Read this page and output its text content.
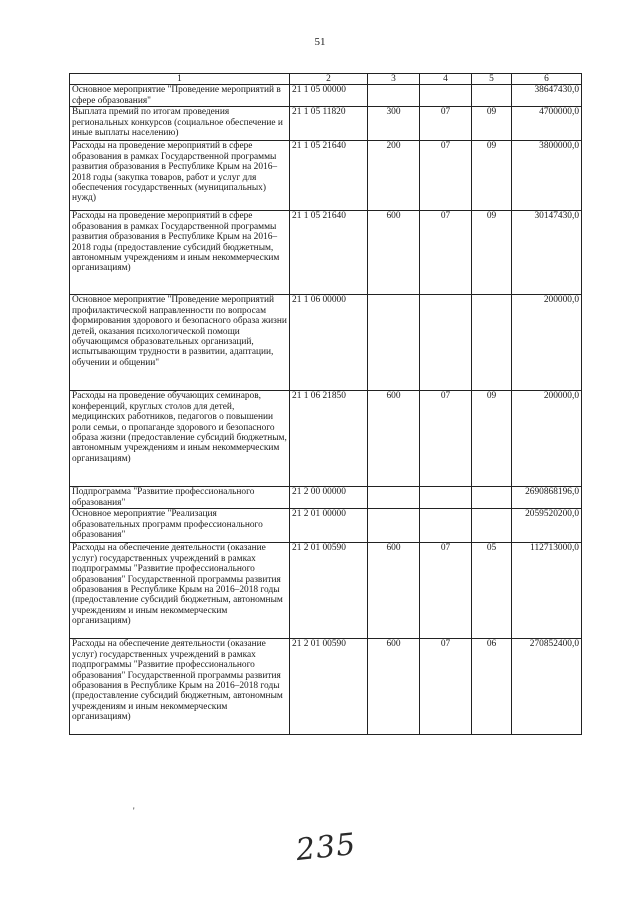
51
1	2	3	4	5	6
Основное мероприятие "Проведение мероприятий в сфере образования"	21 1 05 00000				38647430,0
Выплата премий по итогам проведения региональных конкурсов (социальное обеспечение и иные выплаты населению)	21 1 05 11820	300	07	09	4700000,0
Расходы на проведение мероприятий в сфере образования в рамках Государственной программы развития образования в Республике Крым на 2016–2018 годы (закупка товаров, работ и услуг для обеспечения государственных (муниципальных) нужд)	21 1 05 21640	200	07	09	3800000,0
Расходы на проведение мероприятий в сфере образования в рамках Государственной программы развития образования в Республике Крым на 2016–2018 годы (предоставление субсидий бюджетным, автономным учреждениям и иным некоммерческим организациям)	21 1 05 21640	600	07	09	30147430,0
Основное мероприятие "Проведение мероприятий профилактической направленности по вопросам формирования здорового и безопасного образа жизни детей, оказания психологической помощи обучающимся образовательных организаций, испытывающим трудности в развитии, адаптации, обучении и общении"	21 1 06 00000				200000,0
Расходы на проведение обучающих семинаров, конференций, круглых столов для детей, медицинских работников, педагогов о повышении роли семьи, о пропаганде здорового и безопасного образа жизни (предоставление субсидий бюджетным, автономным учреждениям и иным некоммерческим организациям)	21 1 06 21850	600	07	09	200000,0
Подпрограмма "Развитие профессионального образования"	21 2 00 00000				2690868196,0
Основное мероприятие "Реализация образовательных программ профессионального образования"	21 2 01 00000				2059520200,0
Расходы на обеспечение деятельности (оказание услуг) государственных учреждений в рамках подпрограммы "Развитие профессионального образования" Государственной программы развития образования в Республике Крым на 2016–2018 годы (предоставление субсидий бюджетным, автономным учреждениям и иным некоммерческим организациям)	21 2 01 00590	600	07	05	112713000,0
Расходы на обеспечение деятельности (оказание услуг) государственных учреждений в рамках подпрограммы "Развитие профессионального образования" Государственной программы развития образования в Республике Крым на 2016–2018 годы (предоставление субсидий бюджетным, автономным учреждениям и иным некоммерческим организациям)	21 2 01 00590	600	07	06	270852400,0
'
235
